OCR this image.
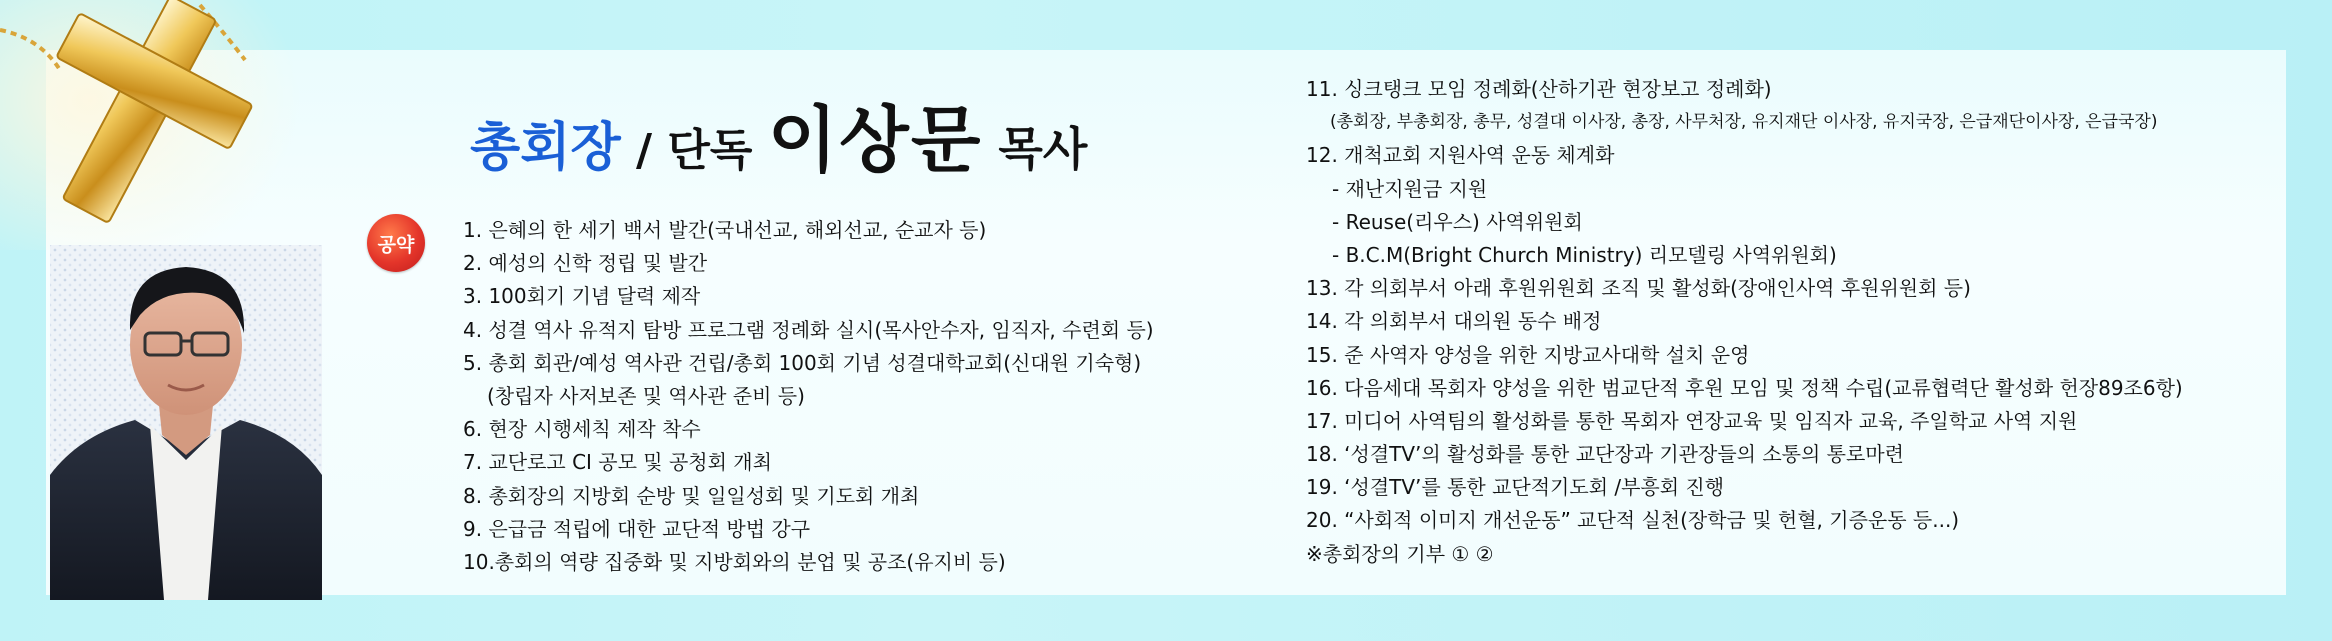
총회장 / 단독 이상문 목사
공약
1. 은혜의 한 세기 백서 발간(국내선교, 해외선교, 순교자 등)
2. 예성의 신학 정립 및 발간
3. 100회기 기념 달력 제작
4. 성결 역사 유적지 탐방 프로그램 정례화 실시(목사안수자, 임직자, 수련회 등)
5. 총회 회관/예성 역사관 건립/총회 100회 기념 성결대학교회(신대원 기숙형)
(창립자 사저보존 및 역사관 준비 등)
6. 현장 시행세칙 제작 착수
7. 교단로고 CI 공모 및 공청회 개최
8. 총회장의 지방회 순방 및 일일성회 및 기도회 개최
9. 은급금 적립에 대한 교단적 방법 강구
10.총회의 역량 집중화 및 지방회와의 분업 및 공조(유지비 등)
11. 싱크탱크 모임 정례화(산하기관 현장보고 정례화)
(총회장, 부총회장, 총무, 성결대 이사장, 총장, 사무처장, 유지재단 이사장, 유지국장, 은급재단이사장, 은급국장)
12. 개척교회 지원사역 운동 체계화
- 재난지원금 지원
- Reuse(리우스) 사역위원회
- B.C.M(Bright Church Ministry) 리모델링 사역위원회)
13. 각 의회부서 아래 후원위원회 조직 및 활성화(장애인사역 후원위원회 등)
14. 각 의회부서 대의원 동수 배정
15. 준 사역자 양성을 위한 지방교사대학 설치 운영
16. 다음세대 목회자 양성을 위한 범교단적 후원 모임 및 정책 수립(교류협력단 활성화 헌장89조6항)
17. 미디어 사역팀의 활성화를 통한 목회자 연장교육 및 임직자 교육, 주일학교 사역 지원
18. ‘성결TV’의 활성화를 통한 교단장과 기관장들의 소통의 통로마련
19. ‘성결TV’를 통한 교단적기도회 /부흥회 진행
20. “사회적 이미지 개선운동” 교단적 실천(장학금 및 헌혈, 기증운동 등...)
※총회장의 기부 ① ②
